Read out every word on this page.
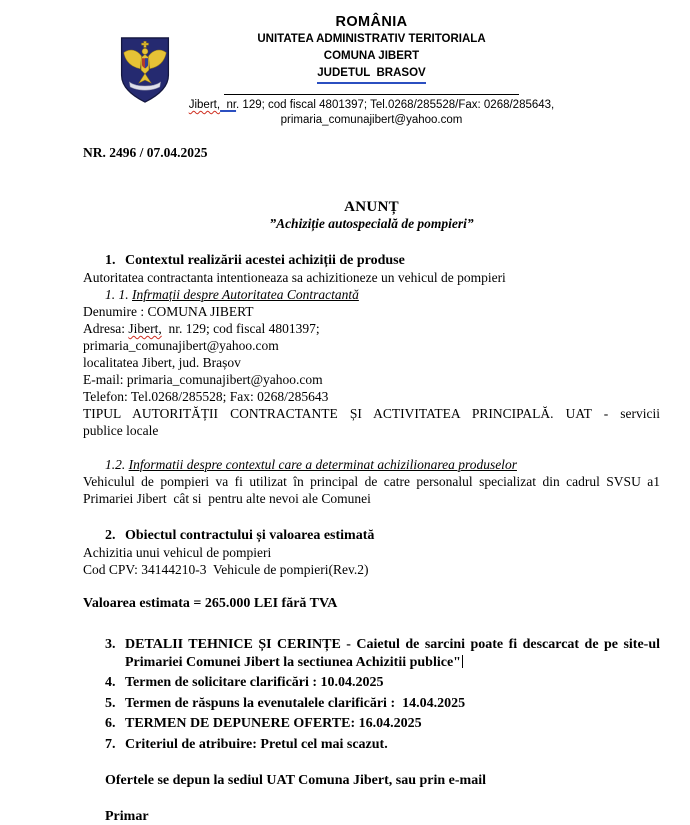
ROMÂNIA
UNITATEA ADMINISTRATIV TERITORIALA
COMUNA JIBERT
JUDETUL  BRASOV
Jibert,  nr. 129; cod fiscal 4801397; Tel.0268/285528/Fax: 0268/285643,
primaria_comunajibert@yahoo.com
NR. 2496 / 07.04.2025
ANUNȚ
”Achiziție autospecială de pompieri”
1. Contextul realizării acestei achiziții de produse
Autoritatea contractanta intentioneaza sa achizitioneze un vehicul de pompieri
1. 1. Infrmații despre Autoritatea Contractantă
Denumire : COMUNA JIBERT
Adresa: Jibert,  nr. 129; cod fiscal 4801397;
primaria_comunajibert@yahoo.com
localitatea Jibert, jud. Brașov
E-mail: primaria_comunajibert@yahoo.com
Telefon: Tel.0268/285528; Fax: 0268/285643
TIPUL AUTORITĂȚII CONTRACTANTE ȘI ACTIVITATEA PRINCIPALĂ. UAT - servicii
publice locale
1.2. Informatii despre contextul care a determinat achizilionarea produselor
Vehiculul de pompieri va fi utilizat în principal de catre personalul specializat din cadrul SVSU a1
Primariei Jibert  cât si  pentru alte nevoi ale Comunei
2. Obiectul contractului și valoarea estimată
Achizitia unui vehicul de pompieri
Cod CPV: 34144210-3  Vehicule de pompieri(Rev.2)
Valoarea estimata = 265.000 LEI fără TVA
3. DETALII TEHNICE ȘI CERINȚE - Caietul de sarcini poate fi descarcat de pe site-ul
Primariei Comunei Jibert la sectiunea Achizitii publice"
4. Termen de solicitare clarificări : 10.04.2025
5. Termen de răspuns la evenutalele clarificări :  14.04.2025
6. TERMEN DE DEPUNERE OFERTE: 16.04.2025
7. Criteriul de atribuire: Pretul cel mai scazut.
Ofertele se depun la sediul UAT Comuna Jibert, sau prin e-mail
Primar
